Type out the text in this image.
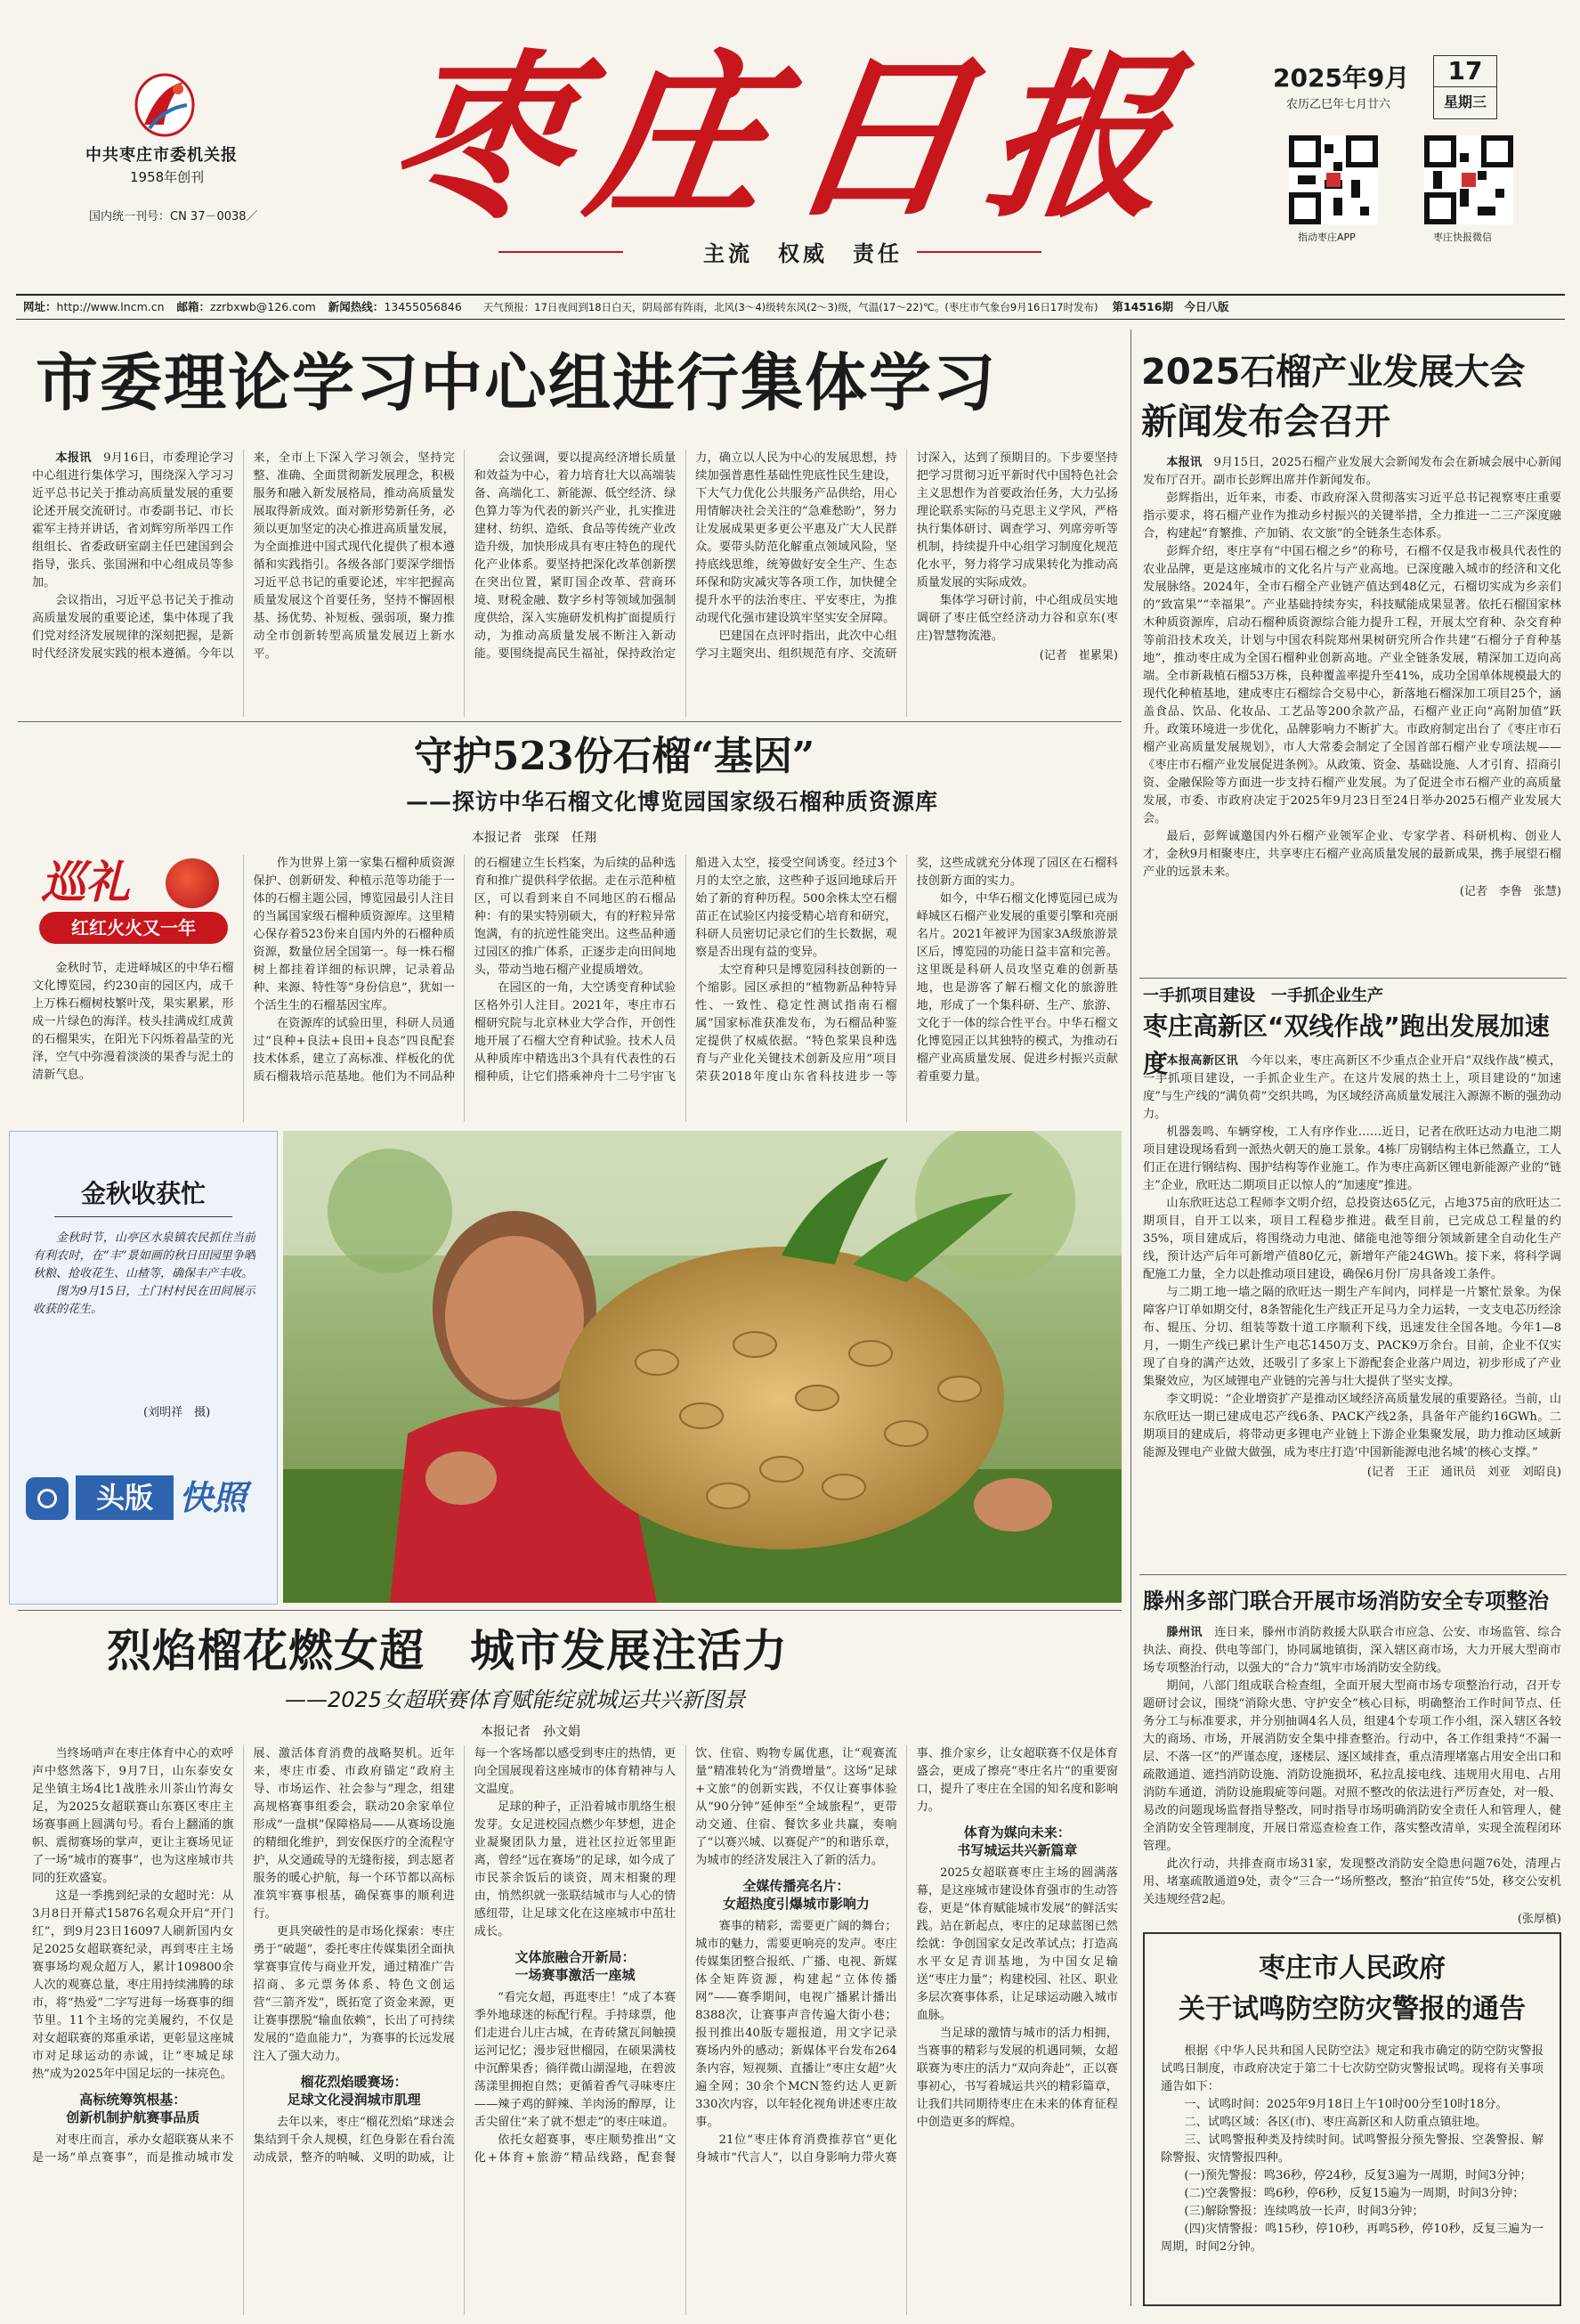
中共枣庄市委机关报
1958年创刊
国内统一刊号：CN 37－0038／ 枣庄日报
主流　权威　责任
2025年9月
农历乙巳年七月廿六
17
星期三
指动枣庄APP	枣庄快报微信
网址：http://www.lncm.cn 邮箱：zzrbxwb@126.com 新闻热线：13455056846 天气预报：17日夜间到18日白天，阴局部有阵雨，北风(3～4)级转东风(2～3)级，气温(17～22)℃。(枣庄市气象台9月16日17时发布) 第14516期　今日八版
市委理论学习中心组进行集体学习

本报讯　 9月16日，市委理论学习中心组进行集体学习，围绕深入学习习近平总书记关于推动高质量发展的重要论述开展交流研讨。市委副书记、市长霍军主持并讲话，省刘辉穷所举四工作组组长、省委政研室副主任巴建国到会指导，张兵、张国洲和中心组成员等参加。

会议指出，习近平总书记关于推动高质量发展的重要论述，集中体现了我们党对经济发展规律的深刻把握，是新时代经济发展实践的根本遵循。今年以来，全市上下深入学习领会，坚持完整、准确、全面贯彻新发展理念，积极服务和融入新发展格局，推动高质量发展取得新成效。面对新形势新任务，必须以更加坚定的决心推进高质量发展，为全面推进中国式现代化提供了根本遵循和实践指引。各级各部门要深学细悟习近平总书记的重要论述，牢牢把握高质量发展这个首要任务，坚持不懈固根基、扬优势、补短板、强弱项，聚力推动全市创新转型高质量发展迈上新水平。

会议强调，要以提高经济增长质量和效益为中心，着力培育壮大以高端装备、高端化工、新能源、低空经济、绿色算力等为代表的新兴产业，扎实推进建材、纺织、造纸、食品等传统产业改造升级，加快形成具有枣庄特色的现代化产业体系。要坚持把深化改革创新摆在突出位置，紧盯国企改革、营商环境、财税金融、数字乡村等领域加强制度供给，深入实施研发机构扩面提质行动，为推动高质量发展不断注入新动能。要围绕提高民生福祉，保持政治定力，确立以人民为中心的发展思想，持续加强普惠性基础性兜底性民生建设，下大气力优化公共服务产品供给，用心用情解决社会关注的“急难愁盼”，努力让发展成果更多更公平惠及广大人民群众。要带头防范化解重点领域风险，坚持底线思维，统筹做好安全生产、生态环保和防灾减灾等各项工作，加快健全提升水平的法治枣庄、平安枣庄，为推动现代化强市建设筑牢坚实安全屏障。

巴建国在点评时指出，此次中心组学习主题突出、组织规范有序、交流研讨深入，达到了预期目的。下步要坚持把学习贯彻习近平新时代中国特色社会主义思想作为首要政治任务，大力弘扬理论联系实际的马克思主义学风，严格执行集体研讨、调查学习、列席旁听等机制，持续提升中心组学习制度化规范化水平，努力将学习成果转化为推动高质量发展的实际成效。

集体学习研讨前，中心组成员实地调研了枣庄低空经济动力谷和京东(枣庄)智慧物流港。

(记者　崔累果)
守护523份石榴“基因”
——探访中华石榴文化博览园国家级石榴种质资源库
本报记者　张琛　任翔
巡礼
红红火火又一年

金秋时节，走进峄城区的中华石榴文化博览园，约230亩的园区内，成千上万株石榴树枝繁叶茂，果实累累，形成一片绿色的海洋。枝头挂满成红成黄的石榴果实，在阳光下闪烁着晶莹的光泽，空气中弥漫着淡淡的果香与泥土的清新气息。

作为世界上第一家集石榴种质资源保护、创新研发、种植示范等功能于一体的石榴主题公园，博览园最引人注目的当属国家级石榴种质资源库。这里精心保存着523份来自国内外的石榴种质资源，数量位居全国第一。每一株石榴树上都挂着详细的标识牌，记录着品种、来源、特性等“身份信息”，犹如一个活生生的石榴基因宝库。

在资源库的试验田里，科研人员通过“良种+良法+良田+良态”四良配套技术体系，建立了高标准、样板化的优质石榴栽培示范基地。他们为不同品种的石榴建立生长档案，为后续的品种选育和推广提供科学依据。走在示范种植区，可以看到来自不同地区的石榴品种：有的果实特别硕大，有的籽粒异常饱满，有的抗逆性能突出。这些品种通过园区的推广体系，正逐步走向田间地头，带动当地石榴产业提质增效。

在园区的一角，大空诱变育种试验区格外引人注目。2021年，枣庄市石榴研究院与北京林业大学合作，开创性地开展了石榴大空育种试验。技术人员从种质库中精选出3个具有代表性的石榴种质，让它们搭乘神舟十二号宇宙飞船进入太空，接受空间诱变。经过3个月的太空之旅，这些种子返回地球后开始了新的育种历程。500余株太空石榴苗正在试验区内接受精心培育和研究，科研人员密切记录它们的生长数据，观察是否出现有益的变异。

太空育种只是博览园科技创新的一个缩影。园区承担的“植物新品种特异性、一致性、稳定性测试指南石榴属”国家标准获准发布，为石榴品种鉴定提供了权威依据。“特色浆果良种选育与产业化关键技术创新及应用”项目荣获2018年度山东省科技进步一等奖，这些成就充分体现了园区在石榴科技创新方面的实力。

如今，中华石榴文化博览园已成为峄城区石榴产业发展的重要引擎和亮丽名片。2021年被评为国家3A级旅游景区后，博览园的功能日益丰富和完善。这里既是科研人员攻坚克难的创新基地，也是游客了解石榴文化的旅游胜地，形成了一个集科研、生产、旅游、文化于一体的综合性平台。中华石榴文化博览园正以其独特的模式，为推动石榴产业高质量发展、促进乡村振兴贡献着重要力量。

金秋收获忙

金秋时节，山亭区水泉镇农民抓住当前有利农时，在“丰”景如画的秋日田园里争晒秋粮、抢收花生、山楂等，确保丰产丰收。

图为9月15日，土门村村民在田间展示收获的花生。

(刘明祥　摄)
头版 快照
烈焰榴花燃女超　城市发展注活力
——2025女超联赛体育赋能绽就城运共兴新图景
本报记者　孙文娟

当终场哨声在枣庄体育中心的欢呼声中悠然落下，9月7日，山东泰安女足坐镇主场4比1战胜永川茶山竹海女足，为2025女超联赛山东赛区枣庄主场赛事画上圆满句号。看台上翻涌的旗帜、震彻赛场的掌声，更让主赛场见证了一场“城市的赛事”，也为这座城市共同的狂欢盛宴。

这是一季携到纪录的女超时光：从3月8日开幕式15876名观众开启“开门红”，到9月23日16097人刷新国内女足2025女超联赛纪录，再到枣庄主场赛事场均观众超万人，累计109800余人次的观赛总量，枣庄用持续沸腾的球市，将“热爱”二字写进每一场赛事的细节里。11个主场的完美履约，不仅是对女超联赛的郑重承诺，更彰显这座城市对足球运动的赤诚，让“枣城足球热”成为2025年中国足坛的一抹亮色。

高标统筹筑根基：
创新机制护航赛事品质

对枣庄而言，承办女超联赛从来不是一场“单点赛事”，而是推动城市发展、激活体育消费的战略契机。近年来，枣庄市委、市政府锚定“政府主导、市场运作、社会参与”理念，组建高规格赛事组委会，联动20余家单位形成“一盘棋”保障格局——从赛场设施的精细化维护，到安保医疗的全流程守护，从交通疏导的无缝衔接，到志愿者服务的暖心护航，每一个环节都以高标准筑牢赛事根基，确保赛事的顺利进行。

更具突破性的是市场化探索：枣庄勇于“破题”，委托枣庄传媒集团全面执掌赛事宣传与商业开发，通过精准广告招商、多元票务体系、特色文创运营“三箭齐发”，既拓宽了资金来源，更让赛事摆脱“输血依赖”，长出了可持续发展的“造血能力”，为赛事的长远发展注入了强大动力。

榴花烈焰暖赛场：
足球文化浸润城市肌理

去年以来，枣庄“榴花烈焰”球迷会集结到千余人规模，红色身影在看台流动成景，整齐的呐喊、义明的助威，让每一个客场都以感受到枣庄的热情，更向全国展现着这座城市的体育精神与人文温度。

足球的种子，正沿着城市肌络生根发芽。女足进校园点燃少年梦想，进企业凝聚团队力量，进社区拉近邻里距离，曾经“远在赛场”的足球，如今成了市民茶余饭后的谈资，周末相聚的理由，悄然织就一张联结城市与人心的情感纽带，让足球文化在这座城市中茁壮成长。

文体旅融合开新局：
一场赛事激活一座城

“看完女超，再逛枣庄！”成了本赛季外地球迷的标配行程。手持球票，他们走进台儿庄古城，在青砖黛瓦间触摸运河记忆；漫步冠世榴园，在硕果满枝中沉醉果香；徜徉微山湖湿地，在碧波荡漾里拥抱自然；更循着香气寻味枣庄——辣子鸡的鲜辣、羊肉汤的醇厚，让舌尖留住“来了就不想走”的枣庄味道。

依托女超赛事，枣庄顺势推出“文化+体育+旅游”精品线路，配套餐饮、住宿、购物专属优惠，让“观赛流量”精准转化为“消费增量”。这场“足球+文旅”的创新实践，不仅让赛事体验从“90分钟”延伸至“全域旅程”，更带动交通、住宿、餐饮多业共赢，奏响了“以赛兴城、以赛促产”的和谐乐章，为城市的经济发展注入了新的活力。

全媒传播亮名片：
女超热度引爆城市影响力

赛事的精彩，需要更广阔的舞台；城市的魅力，需要更响亮的发声。枣庄传媒集团整合报纸、广播、电视、新媒体全矩阵资源，构建起“立体传播网”——赛季期间，电视广播累计播出8388次，让赛事声音传遍大街小巷；报刊推出40版专题报道，用文字记录赛场内外的感动；新媒体平台发布264条内容，短视频、直播让“枣庄女超”火遍全网；30余个MCN签约达人更新330次内容，以年轻化视角讲述枣庄故事。

21位“枣庄体育消费推荐官”更化身城市“代言人”，以自身影响力带火赛事、推介家乡，让女超联赛不仅是体育盛会，更成了擦亮“枣庄名片”的重要窗口，提升了枣庄在全国的知名度和影响力。

体育为媒向未来：
书写城运共兴新篇章

2025女超联赛枣庄主场的圆满落幕，是这座城市建设体育强市的生动答卷，更是“体育赋能城市发展”的鲜活实践。站在新起点，枣庄的足球蓝图已然绘就：争创国家女足改革试点；打造高水平女足青训基地，为中国女足输送“枣庄力量”；构建校园、社区、职业多层次赛事体系，让足球运动融入城市血脉。

当足球的激情与城市的活力相拥，当赛事的精彩与发展的机遇同频，女超联赛为枣庄的活力“双向奔赴”，正以赛事初心，书写着城运共兴的精彩篇章，让我们共同期待枣庄在未来的体育征程中创造更多的辉煌。

2025石榴产业发展大会新闻发布会召开

本报讯　 9月15日，2025石榴产业发展大会新闻发布会在新城会展中心新闻发布厅召开。副市长彭辉出席并作新闻发布。

彭辉指出，近年来，市委、市政府深入贯彻落实习近平总书记视察枣庄重要指示要求，将石榴产业作为推动乡村振兴的关键举措，全力推进一二三产深度融合，构建起“育繁推、产加销、农文旅”的全链条生态体系。

彭辉介绍，枣庄享有“中国石榴之乡”的称号，石榴不仅是我市极具代表性的农业品牌，更是这座城市的文化名片与产业高地。已深度融入城市的经济和文化发展脉络。2024年，全市石榴全产业链产值达到48亿元，石榴切实成为乡亲们的“致富果”“幸福果”。产业基础持续夯实，科技赋能成果显著。依托石榴国家林木种质资源库，启动石榴种质资源综合能力提升工程，开展太空育种、杂交育种等前沿技术攻关，计划与中国农科院郑州果树研究所合作共建“石榴分子育种基地”，推动枣庄成为全国石榴种业创新高地。产业全链条发展，精深加工迈向高端。全市新栽植石榴53万株，良种覆盖率提升至41%，成功全国单体规模最大的现代化种植基地，建成枣庄石榴综合交易中心，新落地石榴深加工项目25个，涵盖食品、饮品、化妆品、工艺品等200余款产品，石榴产业正向“高附加值”跃升。政策环境进一步优化，品牌影响力不断扩大。市政府制定出台了《枣庄市石榴产业高质量发展规划》，市人大常委会制定了全国首部石榴产业专项法规——《枣庄市石榴产业发展促进条例》。从政策、资金、基础设施、人才引育、招商引资、金融保险等方面进一步支持石榴产业发展。为了促进全市石榴产业的高质量发展，市委、市政府决定于2025年9月23日至24日举办2025石榴产业发展大会。

最后，彭辉诚邀国内外石榴产业领军企业、专家学者、科研机构、创业人才，金秋9月相聚枣庄，共享枣庄石榴产业高质量发展的最新成果，携手展望石榴产业的远景未来。

(记者　李鲁　张慧)
一手抓项目建设　一手抓企业生产
枣庄高新区“双线作战”跑出发展加速度

本报高新区讯　 今年以来，枣庄高新区不少重点企业开启“双线作战”模式，一手抓项目建设，一手抓企业生产。在这片发展的热土上，项目建设的“加速度”与生产线的“满负荷”交织共鸣，为区域经济高质量发展注入源源不断的强劲动力。

机器轰鸣、车辆穿梭，工人有序作业……近日，记者在欣旺达动力电池二期项目建设现场看到一派热火朝天的施工景象。4栋厂房钢结构主体已然矗立，工人们正在进行钢结构、围护结构等作业施工。作为枣庄高新区锂电新能源产业的“链主”企业，欣旺达二期项目正以惊人的“加速度”推进。

山东欣旺达总工程师李文明介绍，总投资达65亿元，占地375亩的欣旺达二期项目，自开工以来，项目工程稳步推进。截至目前，已完成总工程量的约35%，项目建成后，将围绕动力电池、储能电池等细分领域新建全自动化生产线，预计达产后年可新增产值80亿元，新增年产能24GWh。接下来，将科学调配施工力量，全力以赴推动项目建设，确保6月份厂房具备竣工条件。

与二期工地一墙之隔的欣旺达一期生产车间内，同样是一片繁忙景象。为保障客户订单如期交付，8条智能化生产线正开足马力全力运转，一支支电芯历经涂布、辊压、分切、组装等数十道工序顺利下线，迅速发往全国各地。今年1—8月，一期生产线已累计生产电芯1450万支、PACK9万余台。目前，企业不仅实现了自身的满产达效，还吸引了多家上下游配套企业落户周边，初步形成了产业集聚效应，为区域锂电产业链的完善与壮大提供了坚实支撑。

李文明说：“企业增资扩产是推动区域经济高质量发展的重要路径。当前，山东欣旺达一期已建成电芯产线6条、PACK产线2条，具备年产能约16GWh。二期项目的建成后，将带动更多锂电产业链上下游企业集聚发展，助力推动区域新能源及锂电产业做大做强，成为枣庄打造‘中国新能源电池名城’的核心支撑。”

(记者　王正　通讯员　刘亚　刘昭良)
滕州多部门联合开展市场消防安全专项整治

滕州讯　 连日来，滕州市消防救援大队联合市应急、公安、市场监管、综合执法、商投、供电等部门，协同属地镇街，深入辖区商市场，大力开展大型商市场专项整治行动，以强大的“合力”筑牢市场消防安全防线。

期间，八部门组成联合检查组，全面开展大型商市场专项整治行动，召开专题研讨会议，围绕“消除火患、守护安全”核心目标，明确整治工作时间节点、任务分工与标准要求，并分别抽调4名人员，组建4个专项工作小组，深入辖区各较大的商场、市场，开展消防安全集中排查整治。行动中，各工作组秉持“不漏一层、不落一区”的严谨态度，逐楼层、逐区域排查，重点清理堵塞占用安全出口和疏散通道、遮挡消防设施、消防设施损坏，私拉乱接电线、违规用火用电、占用消防车通道，消防设施瑕疵等问题。对照不整改的依法进行严厉查处，对一般、易改的问题现场监督指导整改，同时指导市场明确消防安全责任人和管理人，健全消防安全管理制度，开展日常巡查检查工作，落实整改清单，实现全流程闭环管理。

此次行动，共排查商市场31家，发现整改消防安全隐患问题76处，清理占用、堵塞疏散通道9处，责令“三合一”场所整改，整治“拍宣传”5处，移交公安机关违规经营2起。

(张厚槙)
枣庄市人民政府
关于试鸣防空防灾警报的通告

根据《中华人民共和国人民防空法》规定和我市确定的防空防灾警报试鸣日制度，市政府决定于第二十七次防空防灾警报试鸣。现将有关事项通告如下：

一、试鸣时间：2025年9月18日上午10时00分至10时18分。

二、试鸣区域：各区(市)、枣庄高新区和人防重点镇驻地。

三、试鸣警报种类及持续时间。试鸣警报分预先警报、空袭警报、解除警报、灾情警报四种。

(一)预先警报：鸣36秒，停24秒，反复3遍为一周期，时间3分钟；

(二)空袭警报：鸣6秒，停6秒，反复15遍为一周期，时间3分钟；

(三)解除警报：连续鸣放一长声，时间3分钟；

(四)灾情警报：鸣15秒，停10秒，再鸣5秒，停10秒，反复三遍为一周期，时间2分钟。
